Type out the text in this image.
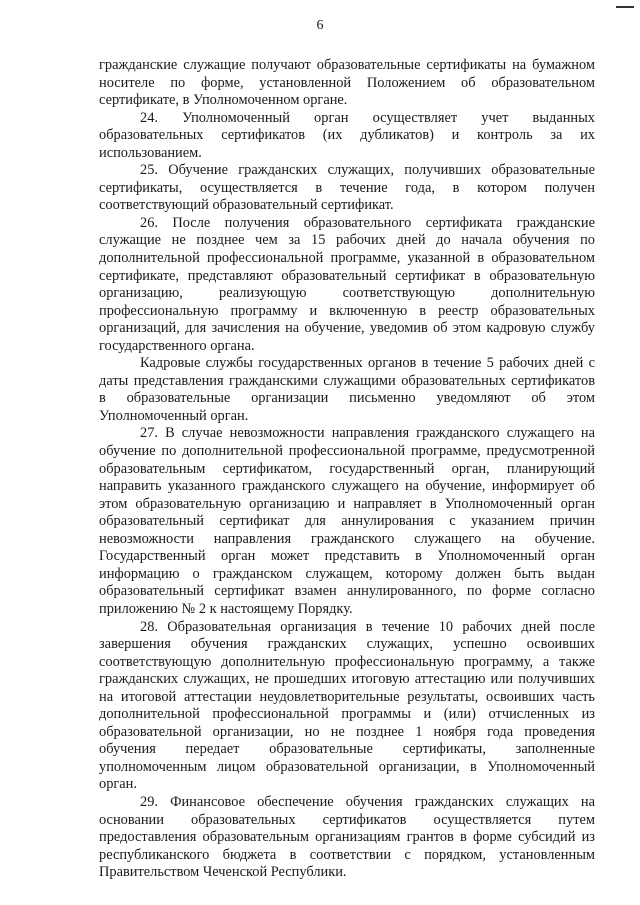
6

гражданские служащие получают образовательные сертификаты на бумажном носителе по форме, установленной Положением об образовательном сертификате, в Уполномоченном органе.

24. Уполномоченный орган осуществляет учет выданных образовательных сертификатов (их дубликатов) и контроль за их использованием.

25. Обучение гражданских служащих, получивших образовательные сертификаты, осуществляется в течение года, в котором получен соответствующий образовательный сертификат.

26. После получения образовательного сертификата гражданские служащие не позднее чем за 15 рабочих дней до начала обучения по дополнительной профессиональной программе, указанной в образовательном сертификате, представляют образовательный сертификат в образовательную организацию, реализующую соответствующую дополнительную профессиональную программу и включенную в реестр образовательных организаций, для зачисления на обучение, уведомив об этом кадровую службу государственного органа.

Кадровые службы государственных органов в течение 5 рабочих дней с даты представления гражданскими служащими образовательных сертификатов в образовательные организации письменно уведомляют об этом Уполномоченный орган.

27. В случае невозможности направления гражданского служащего на обучение по дополнительной профессиональной программе, предусмотренной образовательным сертификатом, государственный орган, планирующий направить указанного гражданского служащего на обучение, информирует об этом образовательную организацию и направляет в Уполномоченный орган образовательный сертификат для аннулирования с указанием причин невозможности направления гражданского служащего на обучение. Государственный орган может представить в Уполномоченный орган информацию о гражданском служащем, которому должен быть выдан образовательный сертификат взамен аннулированного, по форме согласно приложению № 2 к настоящему Порядку.

28. Образовательная организация в течение 10 рабочих дней после завершения обучения гражданских служащих, успешно освоивших соответствующую дополнительную профессиональную программу, а также гражданских служащих, не прошедших итоговую аттестацию или получивших на итоговой аттестации неудовлетворительные результаты, освоивших часть дополнительной профессиональной программы и (или) отчисленных из образовательной организации, но не позднее 1 ноября года проведения обучения передает образовательные сертификаты, заполненные уполномоченным лицом образовательной организации, в Уполномоченный орган.

29. Финансовое обеспечение обучения гражданских служащих на основании образовательных сертификатов осуществляется путем предоставления образовательным организациям грантов в форме субсидий из республиканского бюджета в соответствии с порядком, установленным Правительством Чеченской Республики.
